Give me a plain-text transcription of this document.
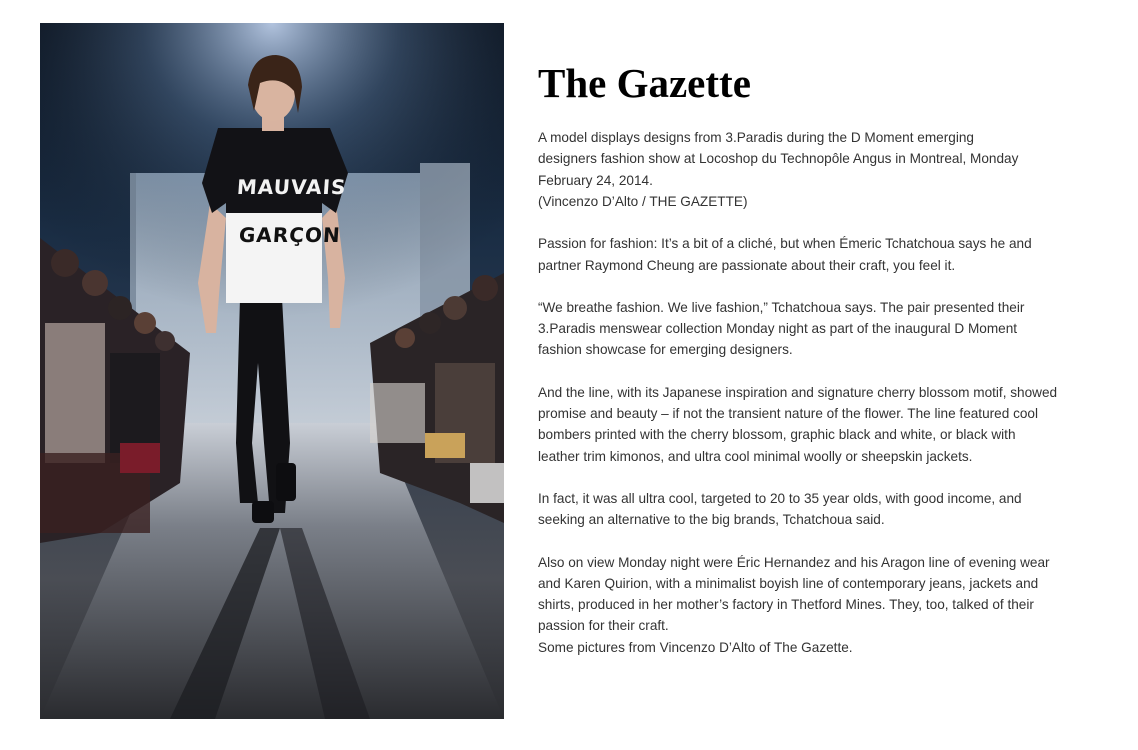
MAUVAIS
GARÇON
The Gazette

A model displays designs from 3.Paradis during the D Moment emerging
designers fashion show at Locoshop du Technopôle Angus in Montreal, Monday
February 24, 2014.
(Vincenzo D’Alto / THE GAZETTE)

Passion for fashion: It’s a bit of a cliché, but when Émeric Tchatchoua says he and
partner Raymond Cheung are passionate about their craft, you feel it.

“We breathe fashion. We live fashion,” Tchatchoua says. The pair presented their
3.Paradis menswear collection Monday night as part of the inaugural D Moment
fashion showcase for emerging designers.

And the line, with its Japanese inspiration and signature cherry blossom motif, showed
promise and beauty – if not the transient nature of the flower. The line featured cool
bombers printed with the cherry blossom, graphic black and white, or black with
leather trim kimonos, and ultra cool minimal woolly or sheepskin jackets.

In fact, it was all ultra cool, targeted to 20 to 35 year olds, with good income, and
seeking an alternative to the big brands, Tchatchoua said.

Also on view Monday night were Éric Hernandez and his Aragon line of evening wear
and Karen Quirion, with a minimalist boyish line of contemporary jeans, jackets and
shirts, produced in her mother’s factory in Thetford Mines. They, too, talked of their
passion for their craft.
Some pictures from Vincenzo D’Alto of The Gazette.
